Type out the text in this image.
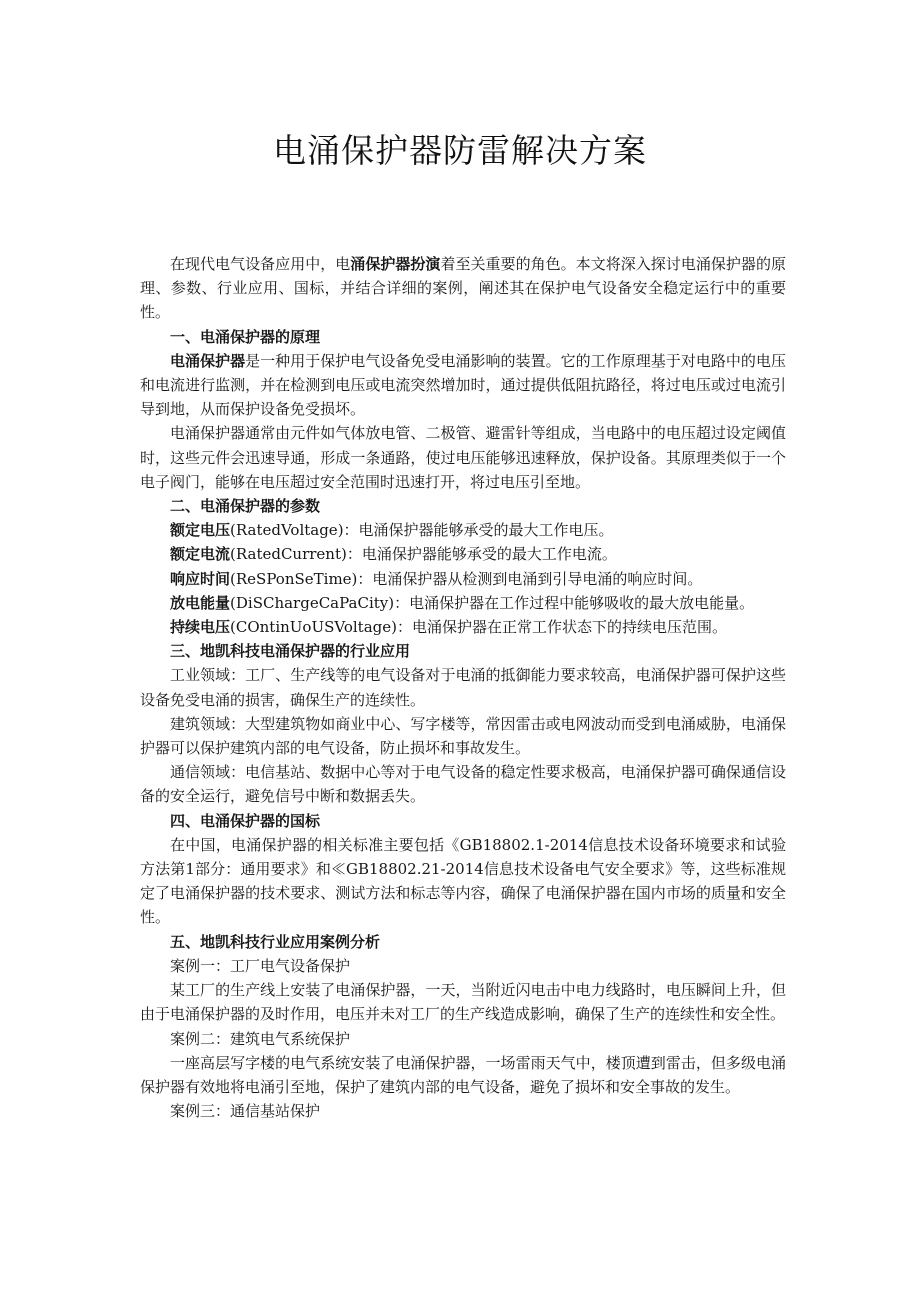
电涌保护器防雷解决方案

在现代电气设备应用中，电涌保护器扮演着至关重要的角色。本文将深入探讨电涌保护器的原理、参数、行业应用、国标，并结合详细的案例，阐述其在保护电气设备安全稳定运行中的重要性。

一、电涌保护器的原理

电涌保护器是一种用于保护电气设备免受电涌影响的装置。它的工作原理基于对电路中的电压和电流进行监测，并在检测到电压或电流突然增加时，通过提供低阻抗路径，将过电压或过电流引导到地，从而保护设备免受损坏。

电涌保护器通常由元件如气体放电管、二极管、避雷针等组成，当电路中的电压超过设定阈值时，这些元件会迅速导通，形成一条通路，使过电压能够迅速释放，保护设备。其原理类似于一个电子阀门，能够在电压超过安全范围时迅速打开，将过电压引至地。

二、电涌保护器的参数

额定电压(RatedVoltage)：电涌保护器能够承受的最大工作电压。

额定电流(RatedCurrent)：电涌保护器能够承受的最大工作电流。

响应时间(ReSPonSeTime)：电涌保护器从检测到电涌到引导电涌的响应时间。

放电能量(DiSChargeCaPaCity)：电涌保护器在工作过程中能够吸收的最大放电能量。

持续电压(COntinUoUSVoltage)：电涌保护器在正常工作状态下的持续电压范围。

三、地凯科技电涌保护器的行业应用

工业领域：工厂、生产线等的电气设备对于电涌的抵御能力要求较高，电涌保护器可保护这些设备免受电涌的损害，确保生产的连续性。

建筑领域：大型建筑物如商业中心、写字楼等，常因雷击或电网波动而受到电涌威胁，电涌保护器可以保护建筑内部的电气设备，防止损坏和事故发生。

通信领域：电信基站、数据中心等对于电气设备的稳定性要求极高，电涌保护器可确保通信设备的安全运行，避免信号中断和数据丢失。

四、电涌保护器的国标

在中国，电涌保护器的相关标准主要包括《GB18802.1-2014信息技术设备环境要求和试验方法第1部分：通用要求》和≪GB18802.21-2014信息技术设备电气安全要求》等，这些标准规定了电涌保护器的技术要求、测试方法和标志等内容，确保了电涌保护器在国内市场的质量和安全性。

五、地凯科技行业应用案例分析

案例一：工厂电气设备保护

某工厂的生产线上安装了电涌保护器，一天，当附近闪电击中电力线路时，电压瞬间上升，但由于电涌保护器的及时作用，电压并未对工厂的生产线造成影响，确保了生产的连续性和安全性。

案例二：建筑电气系统保护

一座高层写字楼的电气系统安装了电涌保护器，一场雷雨天气中，楼顶遭到雷击，但多级电涌保护器有效地将电涌引至地，保护了建筑内部的电气设备，避免了损坏和安全事故的发生。

案例三：通信基站保护
